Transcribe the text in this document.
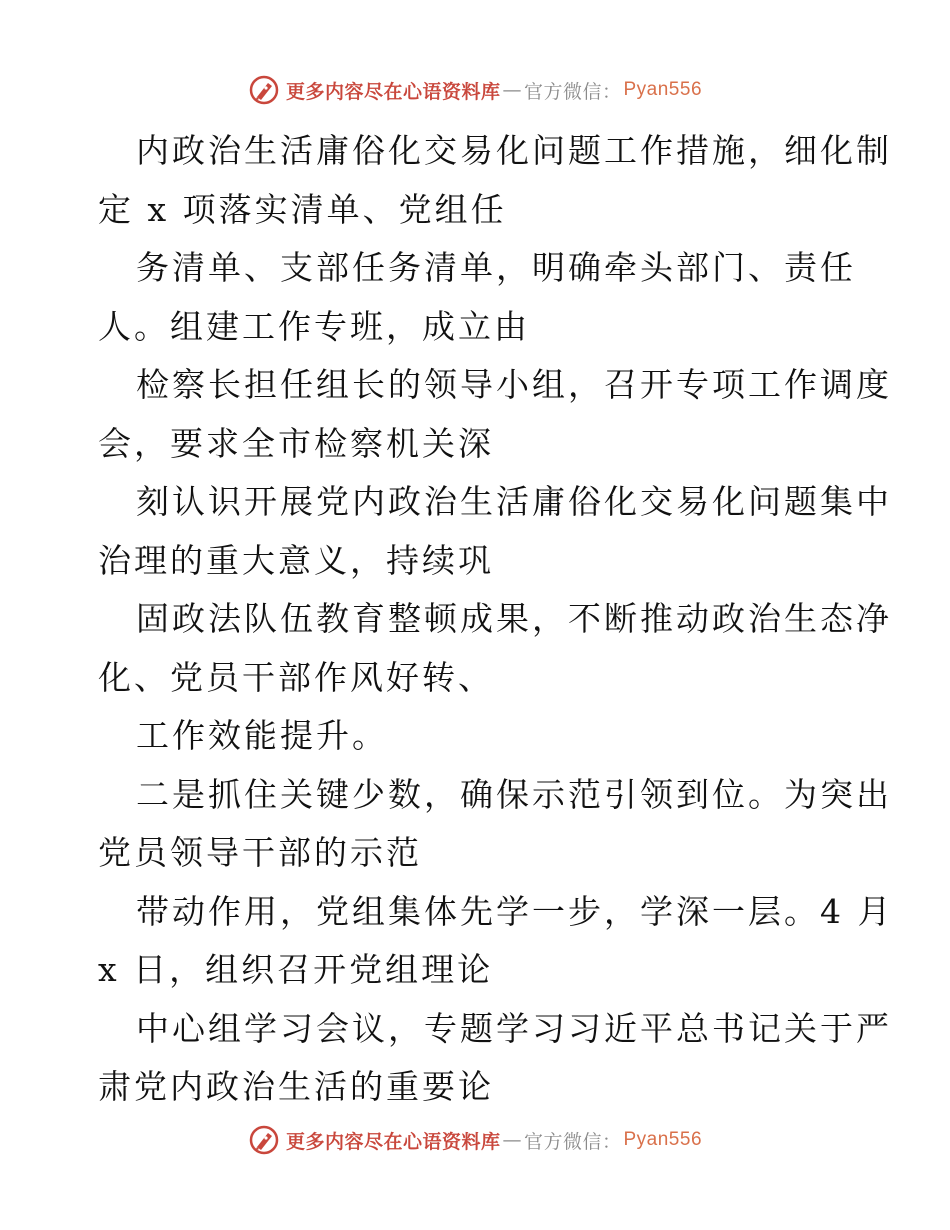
更多内容尽在心语资料库 — 官方微信： Pyan556
内政治生活庸俗化交易化问题工作措施，细化制
定 x 项落实清单、党组任
务清单、支部任务清单，明确牵头部门、责任
人。组建工作专班，成立由
检察长担任组长的领导小组，召开专项工作调度
会，要求全市检察机关深
刻认识开展党内政治生活庸俗化交易化问题集中
治理的重大意义，持续巩
固政法队伍教育整顿成果，不断推动政治生态净
化、党员干部作风好转、
工作效能提升。
二是抓住关键少数，确保示范引领到位。为突出
党员领导干部的示范
带动作用，党组集体先学一步，学深一层。4 月
x 日，组织召开党组理论
中心组学习会议，专题学习习近平总书记关于严
肃党内政治生活的重要论
更多内容尽在心语资料库 — 官方微信： Pyan556
